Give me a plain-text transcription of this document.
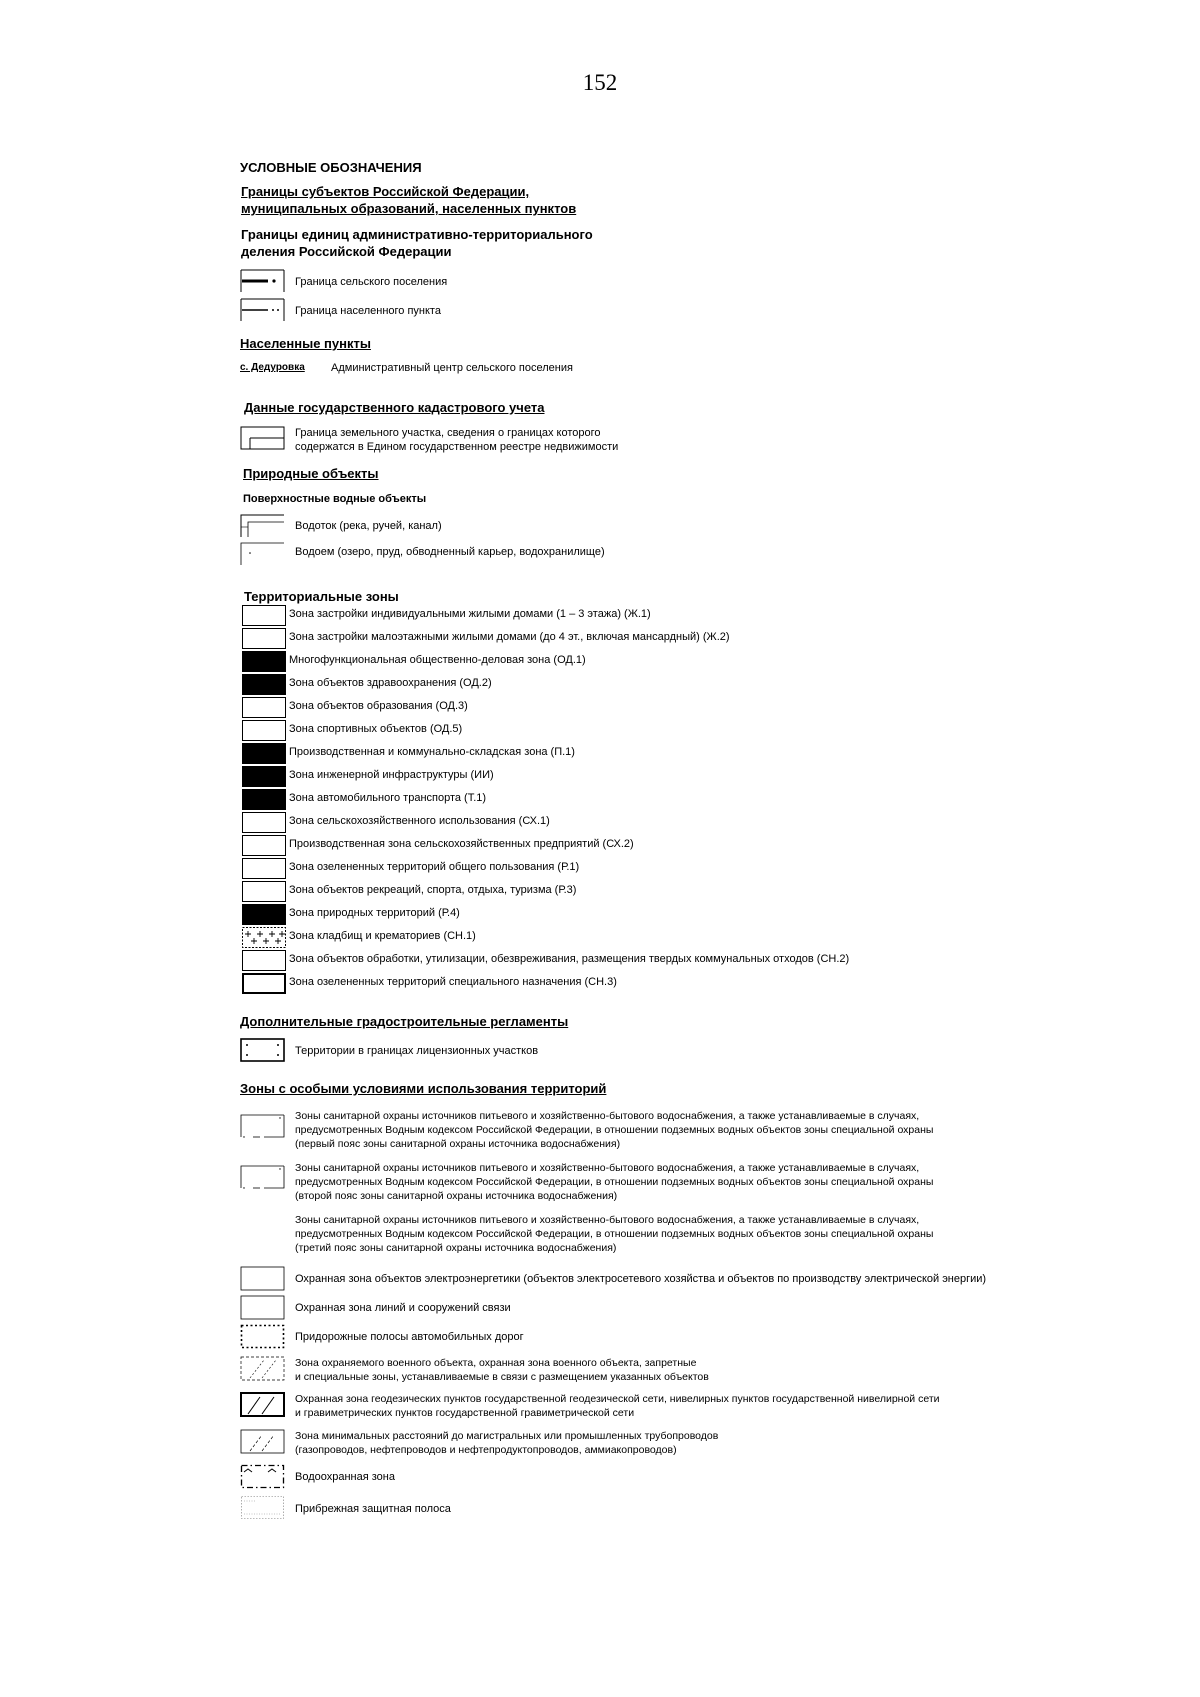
152
УСЛОВНЫЕ ОБОЗНАЧЕНИЯ
Границы субъектов Российской Федерации,
муниципальных образований, населенных пунктов
Границы единиц административно-территориального
деления Российской Федерации
Граница сельского поселения
Граница населенного пункта
Населенные пункты
с. Дедуровка Административный центр сельского поселения
Данные государственного кадастрового учета
Граница земельного участка, сведения о границах которого
содержатся в Едином государственном реестре недвижимости
Природные объекты
Поверхностные водные объекты
Водоток (река, ручей, канал)
Водоем (озеро, пруд, обводненный карьер, водохранилище)
Территориальные зоны
Зона застройки индивидуальными жилыми домами (1 – 3 этажа) (Ж.1)
Зона застройки малоэтажными жилыми домами (до 4 эт., включая мансардный) (Ж.2)
Многофункциональная общественно-деловая зона (ОД.1)
Зона объектов здравоохранения (ОД.2)
Зона объектов образования (ОД.3)
Зона спортивных объектов (ОД.5)
Производственная и коммунально-складская зона (П.1)
Зона инженерной инфраструктуры (ИИ)
Зона автомобильного транспорта (Т.1)
Зона сельскохозяйственного использования (СХ.1)
Производственная зона сельскохозяйственных предприятий (СХ.2)
Зона озелененных территорий общего пользования (Р.1)
Зона объектов рекреаций, спорта, отдыха, туризма (Р.3)
Зона природных территорий (Р.4)
Зона кладбищ и крематориев (СН.1)
Зона объектов обработки, утилизации, обезвреживания, размещения твердых коммунальных отходов (СН.2)
Зона озелененных территорий специального назначения (СН.3)
Дополнительные градостроительные регламенты
Территории в границах лицензионных участков
Зоны с особыми условиями использования территорий
Зоны санитарной охраны источников питьевого и хозяйственно-бытового водоснабжения, а также устанавливаемые в случаях,
предусмотренных Водным кодексом Российской Федерации, в отношении подземных водных объектов зоны специальной охраны
(первый пояс зоны санитарной охраны источника водоснабжения)
Зоны санитарной охраны источников питьевого и хозяйственно-бытового водоснабжения, а также устанавливаемые в случаях,
предусмотренных Водным кодексом Российской Федерации, в отношении подземных водных объектов зоны специальной охраны
(второй пояс зоны санитарной охраны источника водоснабжения)
Зоны санитарной охраны источников питьевого и хозяйственно-бытового водоснабжения, а также устанавливаемые в случаях,
предусмотренных Водным кодексом Российской Федерации, в отношении подземных водных объектов зоны специальной охраны
(третий пояс зоны санитарной охраны источника водоснабжения)
Охранная зона объектов электроэнергетики (объектов электросетевого хозяйства и объектов по производству электрической энергии)
Охранная зона линий и сооружений связи
Придорожные полосы автомобильных дорог
Зона охраняемого военного объекта, охранная зона военного объекта, запретные
и специальные зоны, устанавливаемые в связи с размещением указанных объектов
Охранная зона геодезических пунктов государственной геодезической сети, нивелирных пунктов государственной нивелирной сети
и гравиметрических пунктов государственной гравиметрической сети
Зона минимальных расстояний до магистральных или промышленных трубопроводов
(газопроводов, нефтепроводов и нефтепродуктопроводов, аммиакопроводов)
Водоохранная зона
Прибрежная защитная полоса
